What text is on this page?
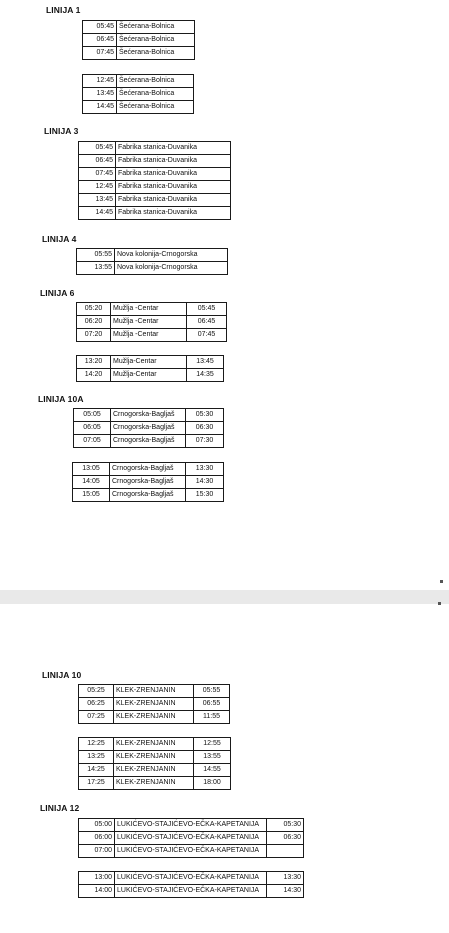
LINIJA 1
05:45	Šećerana-Bolnica
06:45	Šećerana-Bolnica
07:45	Šećerana-Bolnica
12:45	Šećerana-Bolnica
13:45	Šećerana-Bolnica
14:45	Šećerana-Bolnica
LINIJA 3
05:45	Fabrika stanica-Duvanika
06:45	Fabrika stanica-Duvanika
07:45	Fabrika stanica-Duvanika
12:45	Fabrika stanica-Duvanika
13:45	Fabrika stanica-Duvanika
14:45	Fabrika stanica-Duvanika
LINIJA 4
05:55	Nova kolonija-Crnogorska
13:55	Nova kolonija-Crnogorska
LINIJA 6
05:20	Mužlja -Centar	05:45
06:20	Mužlja -Centar	06:45
07:20	Mužlja -Centar	07:45
13:20	Mužlja-Centar	13:45
14:20	Mužlja-Centar	14:35
LINIJA 10A
05:05	Crnogorska-Bagljaš	05:30
06:05	Crnogorska-Bagljaš	06:30
07:05	Crnogorska-Bagljaš	07:30
13:05	Crnogorska-Bagljaš	13:30
14:05	Crnogorska-Bagljaš	14:30
15:05	Crnogorska-Bagljaš	15:30
LINIJA 10
05:25	KLEK-ZRENJANIN	05:55
06:25	KLEK-ZRENJANIN	06:55
07:25	KLEK-ZRENJANIN	11:55
12:25	KLEK-ZRENJANIN	12:55
13:25	KLEK-ZRENJANIN	13:55
14:25	KLEK-ZRENJANIN	14:55
17:25	KLEK-ZRENJANIN	18:00
LINIJA 12
05:00	LUKIĆEVO-STAJIĆEVO-EČKA-KAPETANIJA	05:30
06:00	LUKIĆEVO-STAJIĆEVO-EČKA-KAPETANIJA	06:30
07:00	LUKIĆEVO-STAJIĆEVO-EČKA-KAPETANIJA	
13:00	LUKIĆEVO-STAJIĆEVO-EČKA-KAPETANIJA	13:30
14:00	LUKIĆEVO-STAJIĆEVO-EČKA-KAPETANIJA	14:30
